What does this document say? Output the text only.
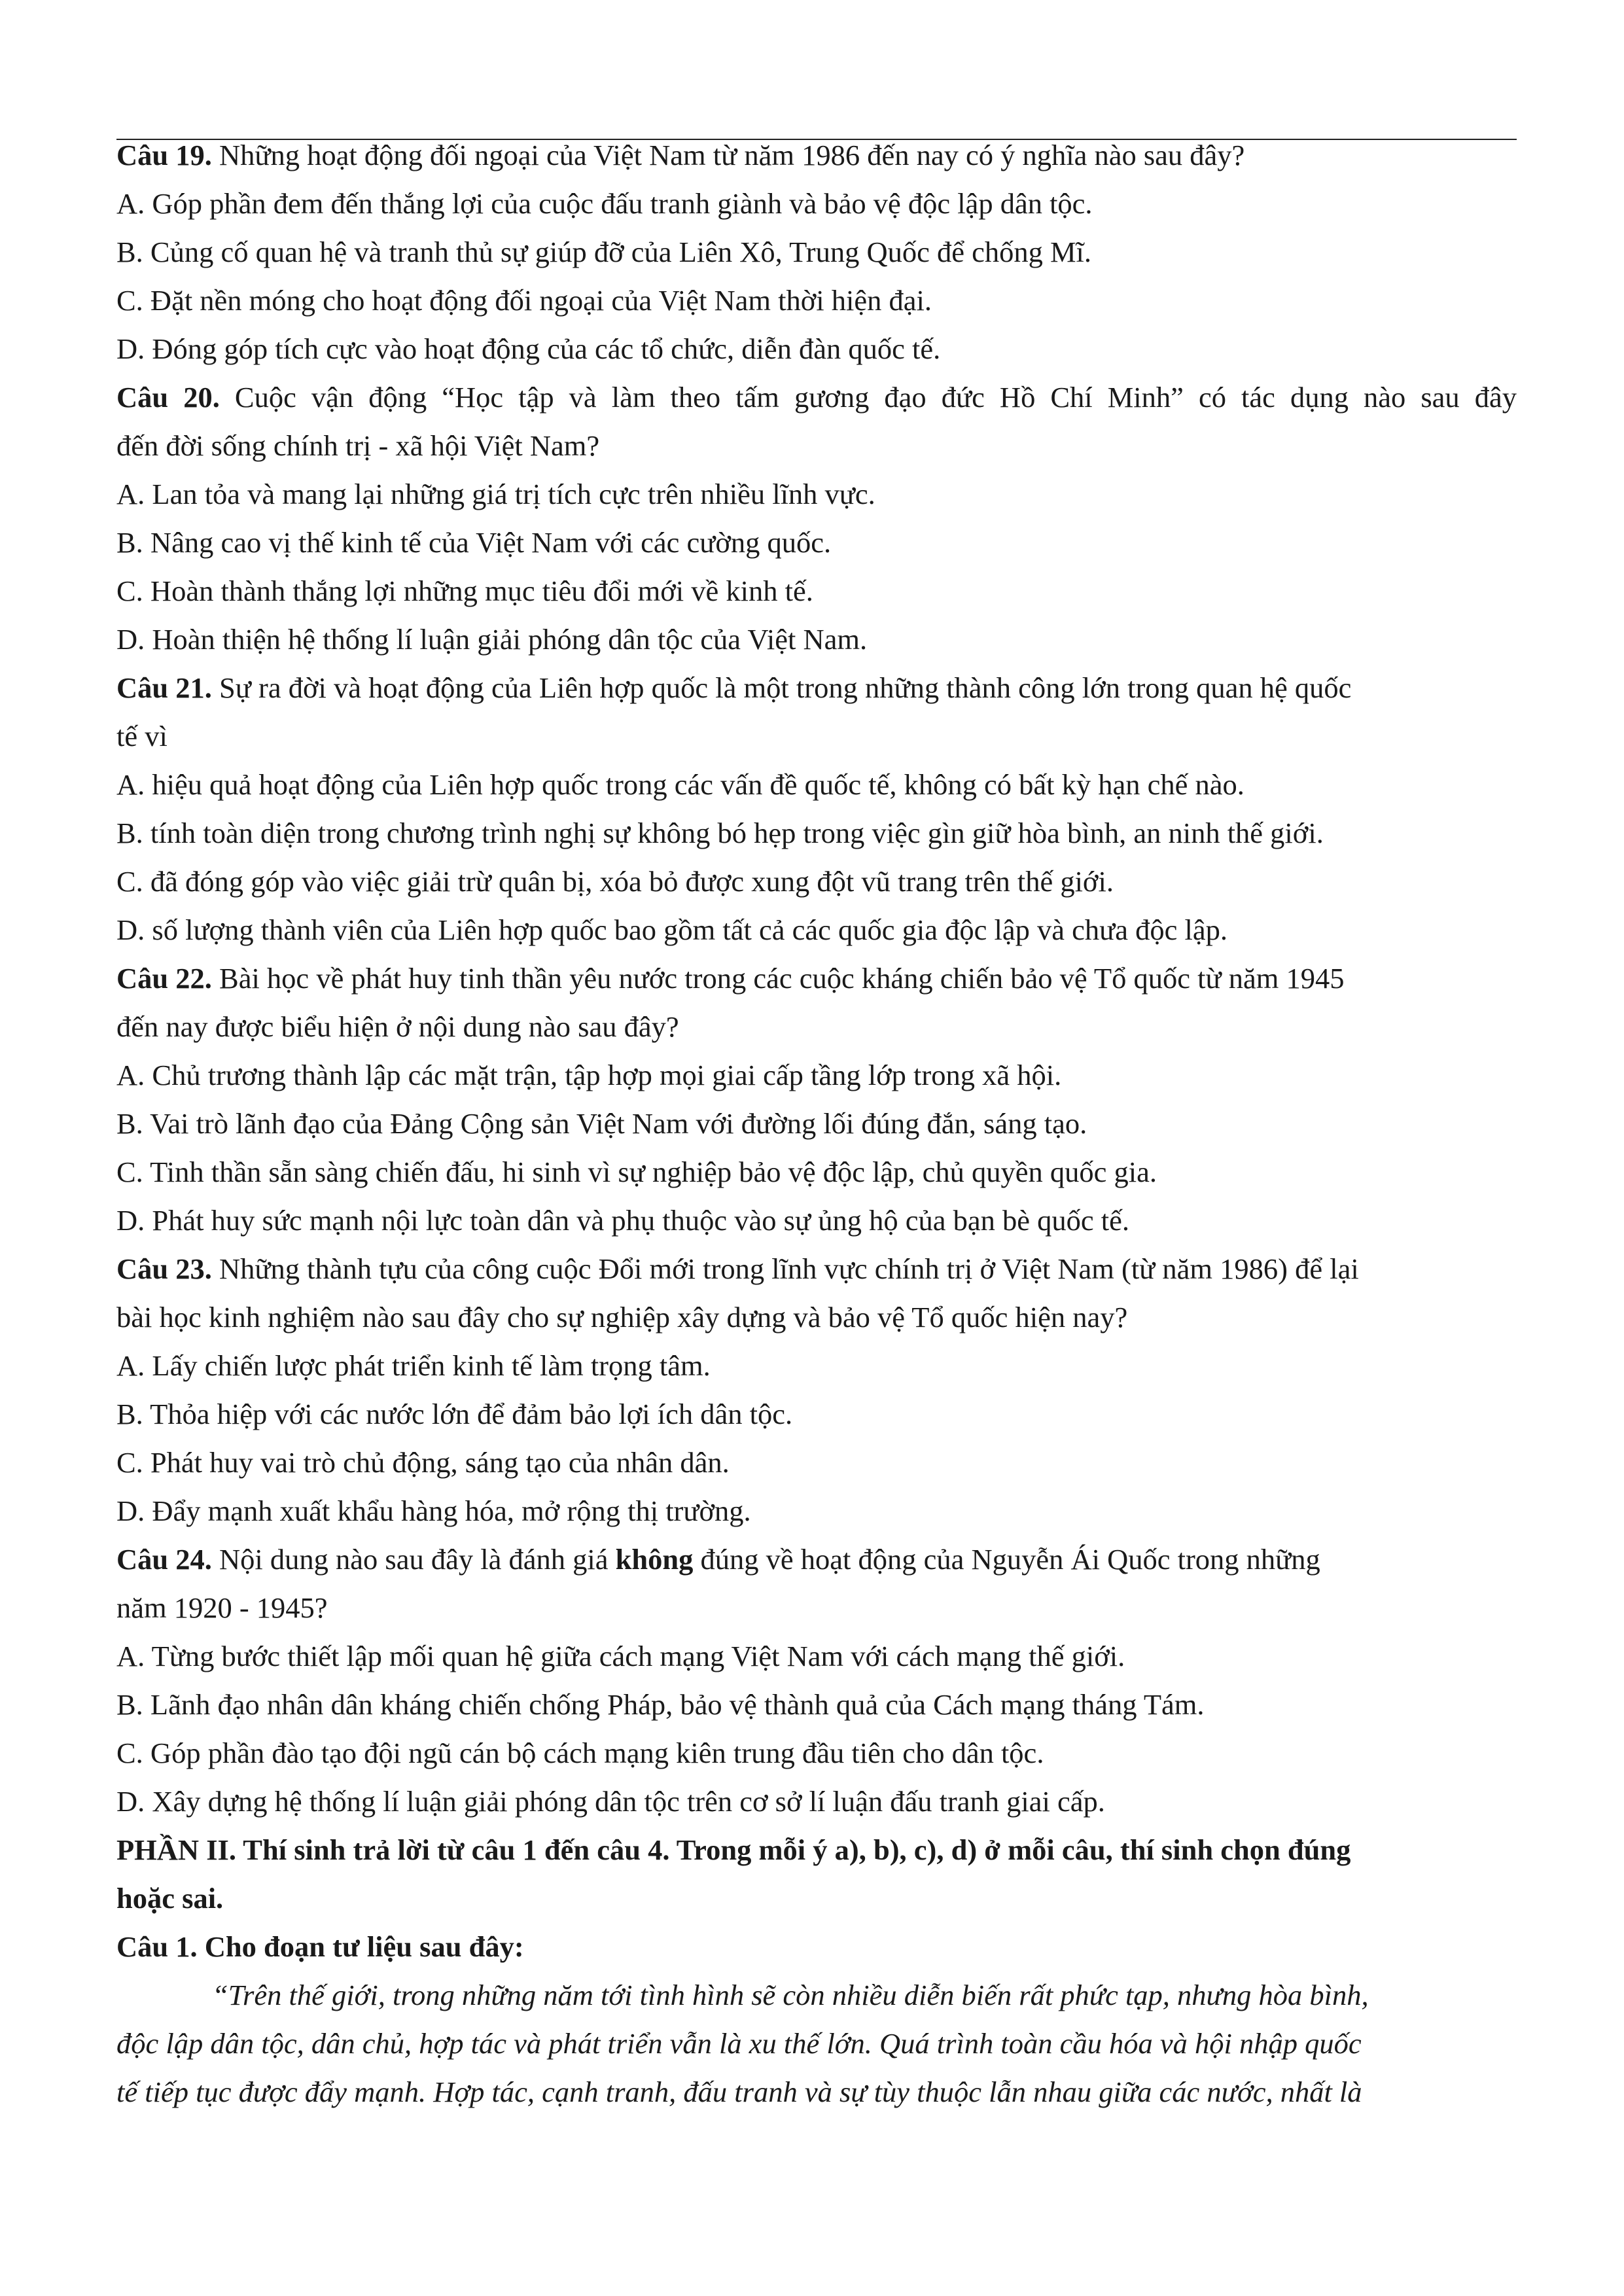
Câu 19. Những hoạt động đối ngoại của Việt Nam từ năm 1986 đến nay có ý nghĩa nào sau đây?
A. Góp phần đem đến thắng lợi của cuộc đấu tranh giành và bảo vệ độc lập dân tộc.
B. Củng cố quan hệ và tranh thủ sự giúp đỡ của Liên Xô, Trung Quốc để chống Mĩ.
C. Đặt nền móng cho hoạt động đối ngoại của Việt Nam thời hiện đại.
D. Đóng góp tích cực vào hoạt động của các tổ chức, diễn đàn quốc tế.
Câu 20. Cuộc vận động “Học tập và làm theo tấm gương đạo đức Hồ Chí Minh” có tác dụng nào sau đây
đến đời sống chính trị - xã hội Việt Nam?
A. Lan tỏa và mang lại những giá trị tích cực trên nhiều lĩnh vực.
B. Nâng cao vị thế kinh tế của Việt Nam với các cường quốc.
C. Hoàn thành thắng lợi những mục tiêu đổi mới về kinh tế.
D. Hoàn thiện hệ thống lí luận giải phóng dân tộc của Việt Nam.
Câu 21. Sự ra đời và hoạt động của Liên hợp quốc là một trong những thành công lớn trong quan hệ quốc
tế vì
A. hiệu quả hoạt động của Liên hợp quốc trong các vấn đề quốc tế, không có bất kỳ hạn chế nào.
B. tính toàn diện trong chương trình nghị sự không bó hẹp trong việc gìn giữ hòa bình, an ninh thế giới.
C. đã đóng góp vào việc giải trừ quân bị, xóa bỏ được xung đột vũ trang trên thế giới.
D. số lượng thành viên của Liên hợp quốc bao gồm tất cả các quốc gia độc lập và chưa độc lập.
Câu 22. Bài học về phát huy tinh thần yêu nước trong các cuộc kháng chiến bảo vệ Tổ quốc từ năm 1945
đến nay được biểu hiện ở nội dung nào sau đây?
A. Chủ trương thành lập các mặt trận, tập hợp mọi giai cấp tầng lớp trong xã hội.
B. Vai trò lãnh đạo của Đảng Cộng sản Việt Nam với đường lối đúng đắn, sáng tạo.
C. Tinh thần sẵn sàng chiến đấu, hi sinh vì sự nghiệp bảo vệ độc lập, chủ quyền quốc gia.
D. Phát huy sức mạnh nội lực toàn dân và phụ thuộc vào sự ủng hộ của bạn bè quốc tế.
Câu 23. Những thành tựu của công cuộc Đổi mới trong lĩnh vực chính trị ở Việt Nam (từ năm 1986) để lại
bài học kinh nghiệm nào sau đây cho sự nghiệp xây dựng và bảo vệ Tổ quốc hiện nay?
A. Lấy chiến lược phát triển kinh tế làm trọng tâm.
B. Thỏa hiệp với các nước lớn để đảm bảo lợi ích dân tộc.
C. Phát huy vai trò chủ động, sáng tạo của nhân dân.
D. Đẩy mạnh xuất khẩu hàng hóa, mở rộng thị trường.
Câu 24. Nội dung nào sau đây là đánh giá không đúng về hoạt động của Nguyễn Ái Quốc trong những
năm 1920 - 1945?
A. Từng bước thiết lập mối quan hệ giữa cách mạng Việt Nam với cách mạng thế giới.
B. Lãnh đạo nhân dân kháng chiến chống Pháp, bảo vệ thành quả của Cách mạng tháng Tám.
C. Góp phần đào tạo đội ngũ cán bộ cách mạng kiên trung đầu tiên cho dân tộc.
D. Xây dựng hệ thống lí luận giải phóng dân tộc trên cơ sở lí luận đấu tranh giai cấp.
PHẦN II. Thí sinh trả lời từ câu 1 đến câu 4. Trong mỗi ý a), b), c), d) ở mỗi câu, thí sinh chọn đúng
hoặc sai.
Câu 1. Cho đoạn tư liệu sau đây:
“Trên thế giới, trong những năm tới tình hình sẽ còn nhiều diễn biến rất phức tạp, nhưng hòa bình,
độc lập dân tộc, dân chủ, hợp tác và phát triển vẫn là xu thế lớn. Quá trình toàn cầu hóa và hội nhập quốc
tế tiếp tục được đẩy mạnh. Hợp tác, cạnh tranh, đấu tranh và sự tùy thuộc lẫn nhau giữa các nước, nhất là
